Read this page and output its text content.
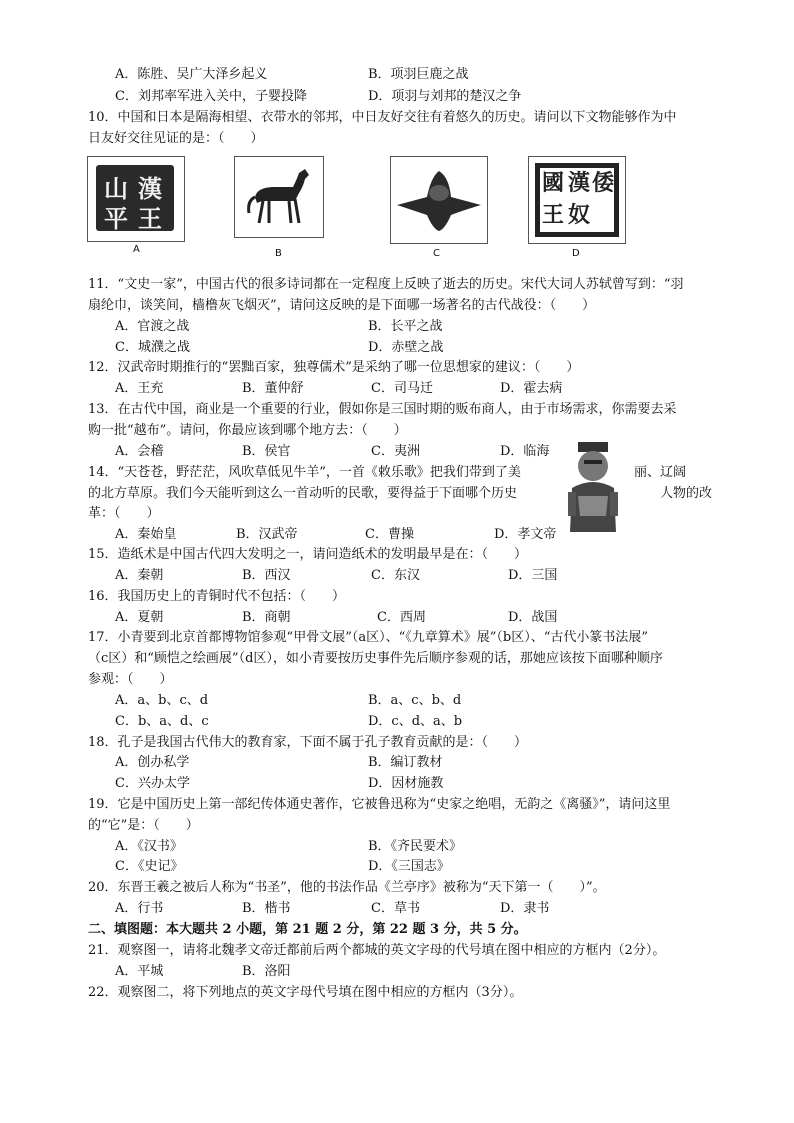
A．陈胜、吴广大泽乡起义	B．项羽巨鹿之战
C．刘邦率军进入关中，子婴投降	D．项羽与刘邦的楚汉之争
10．中国和日本是隔海相望、衣带水的邻邦，中日友好交往有着悠久的历史。请问以下文物能够作为中
日友好交往见证的是：（　　）
漢
王
山
平
A	B	C
倭
漢
奴
國
王
D
11．“文史一家”，中国古代的很多诗词都在一定程度上反映了逝去的历史。宋代大词人苏轼曾写到：“羽
扇纶巾，谈笑间，樯橹灰飞烟灭”，请问这反映的是下面哪一场著名的古代战役：（　　）
A．官渡之战	B．长平之战
C．城濮之战	D．赤壁之战
12．汉武帝时期推行的“罢黜百家，独尊儒术”是采纳了哪一位思想家的建议：（　　）
A．王充	B．董仲舒	C．司马迁	D．霍去病
13．在古代中国，商业是一个重要的行业，假如你是三国时期的贩布商人，由于市场需求，你需要去采
购一批“越布”。请问，你最应该到哪个地方去：（　　）
A．会稽	B．侯官	C．夷洲	D．临海
14．“天苍苍，野茫茫，风吹草低见牛羊”，一首《敕乐歌》把我们带到了美	丽、辽阔
的北方草原。我们今天能听到这么一首动听的民歌，要得益于下面哪个历史	人物的改
革：（　　）
A．秦始皇	B．汉武帝	C．曹操	D．孝文帝
15．造纸术是中国古代四大发明之一，请问造纸术的发明最早是在：（　　）
A．秦朝	B．西汉	C．东汉	D．三国
16．我国历史上的青铜时代不包括：（　　）
A．夏朝	B．商朝	C．西周	D．战国
17．小青要到北京首都博物馆参观“甲骨文展”（a区）、“《九章算术》展”（b区）、“古代小篆书法展”
（c区）和“顾恺之绘画展”（d区），如小青要按历史事件先后顺序参观的话，那她应该按下面哪种顺序
参观：（　　）
A．a、b、c、d	B．a、c、b、d
C．b、a、d、c	D．c、d、a、b
18．孔子是我国古代伟大的教育家，下面不属于孔子教育贡献的是：（　　）
A．创办私学	B．编订教材
C．兴办太学	D．因材施教
19．它是中国历史上第一部纪传体通史著作，它被鲁迅称为“史家之绝唱，无韵之《离骚》”，请问这里
的“它”是：（　　）
A．《汉书》	B．《齐民要术》
C．《史记》	D．《三国志》
20．东晋王羲之被后人称为“书圣”，他的书法作品《兰亭序》被称为“天下第一（　　）”。
A．行书	B．楷书	C．草书	D．隶书
二、填图题：本大题共 2 小题，第 21 题 2 分，第 22 题 3 分，共 5 分。
21．观察图一，请将北魏孝文帝迁都前后两个都城的英文字母的代号填在图中相应的方框内（2分）。
A．平城	B．洛阳
22．观察图二，将下列地点的英文字母代号填在图中相应的方框内（3分）。
